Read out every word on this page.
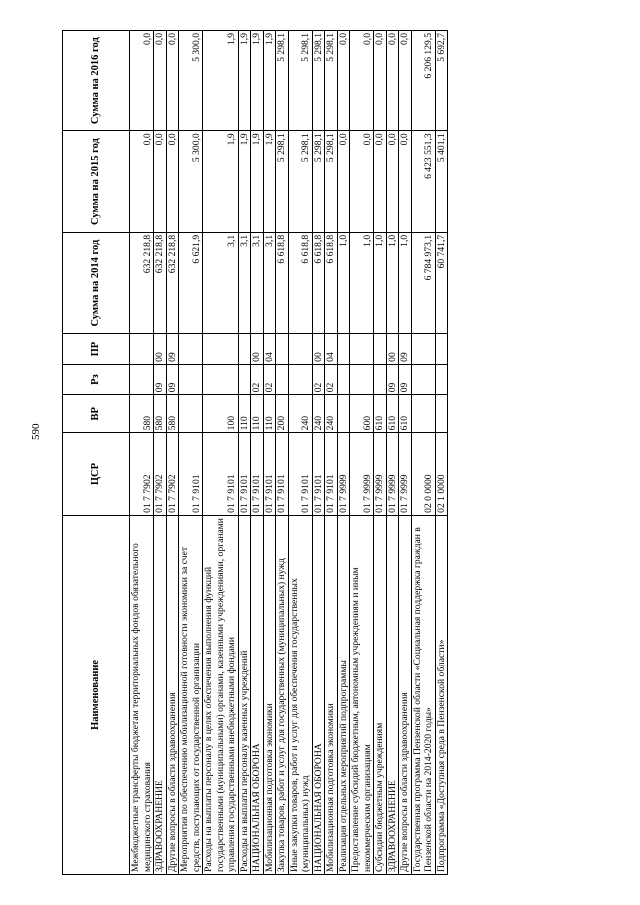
590
Наименование	ЦСР	ВР	Рз	ПР	Сумма на 2014 год	Сумма на 2015 год	Сумма на 2016 год
Межбюджетные трансферты бюджетам территориальных фондов обязательного медицинского страхования	01 7 7902	580			632 218,8	0,0	0,0
ЗДРАВООХРАНЕНИЕ	01 7 7902	580	09	00	632 218,8	0,0	0,0
Другие вопросы в области здравоохранения	01 7 7902	580	09	09	632 218,8	0,0	0,0
Мероприятия по обеспечению мобилизационной готовности экономики за счет средств, поступающих от государственной организации	01 7 9101				6 621,9	5 300,0	5 300,0
Расходы на выплаты персоналу в целях обеспечения выполнения функций государственными (муниципальными) органами, казенными учреждениями, органами управления государственными внебюджетными фондами	01 7 9101	100			3,1	1,9	1,9
Расходы на выплаты персоналу казенных учреждений	01 7 9101	110			3,1	1,9	1,9
НАЦИОНАЛЬНАЯ ОБОРОНА	01 7 9101	110	02	00	3,1	1,9	1,9
Мобилизационная подготовка экономики	01 7 9101	110	02	04	3,1	1,9	1,9
Закупка товаров, работ и услуг для государственных (муниципальных) нужд	01 7 9101	200			6 618,8	5 298,1	5 298,1
Иные закупки товаров, работ и услуг для обеспечения государственных (муниципальных) нужд	01 7 9101	240			6 618,8	5 298,1	5 298,1
НАЦИОНАЛЬНАЯ ОБОРОНА	01 7 9101	240	02	00	6 618,8	5 298,1	5 298,1
Мобилизационная подготовка экономики	01 7 9101	240	02	04	6 618,8	5 298,1	5 298,1
Реализация отдельных мероприятий подпрограммы	01 7 9999				1,0	0,0	0,0
Предоставление субсидий бюджетным, автономным учреждениям и иным некоммерческим организациям	01 7 9999	600			1,0	0,0	0,0
Субсидии бюджетным учреждениям	01 7 9999	610			1,0	0,0	0,0
ЗДРАВООХРАНЕНИЕ	01 7 9999	610	09	00	1,0	0,0	0,0
Другие вопросы в области здравоохранения	01 7 9999	610	09	09	1,0	0,0	0,0
Государственная программа Пензенской области «Социальная поддержка граждан в Пензенской области на 2014-2020 годы»	02 0 0000				6 784 973,1	6 423 551,3	6 206 129,5
Подпрограмма «Доступная среда в Пензенской области»	02 1 0000				60 741,7	5 401,1	5 692,7
